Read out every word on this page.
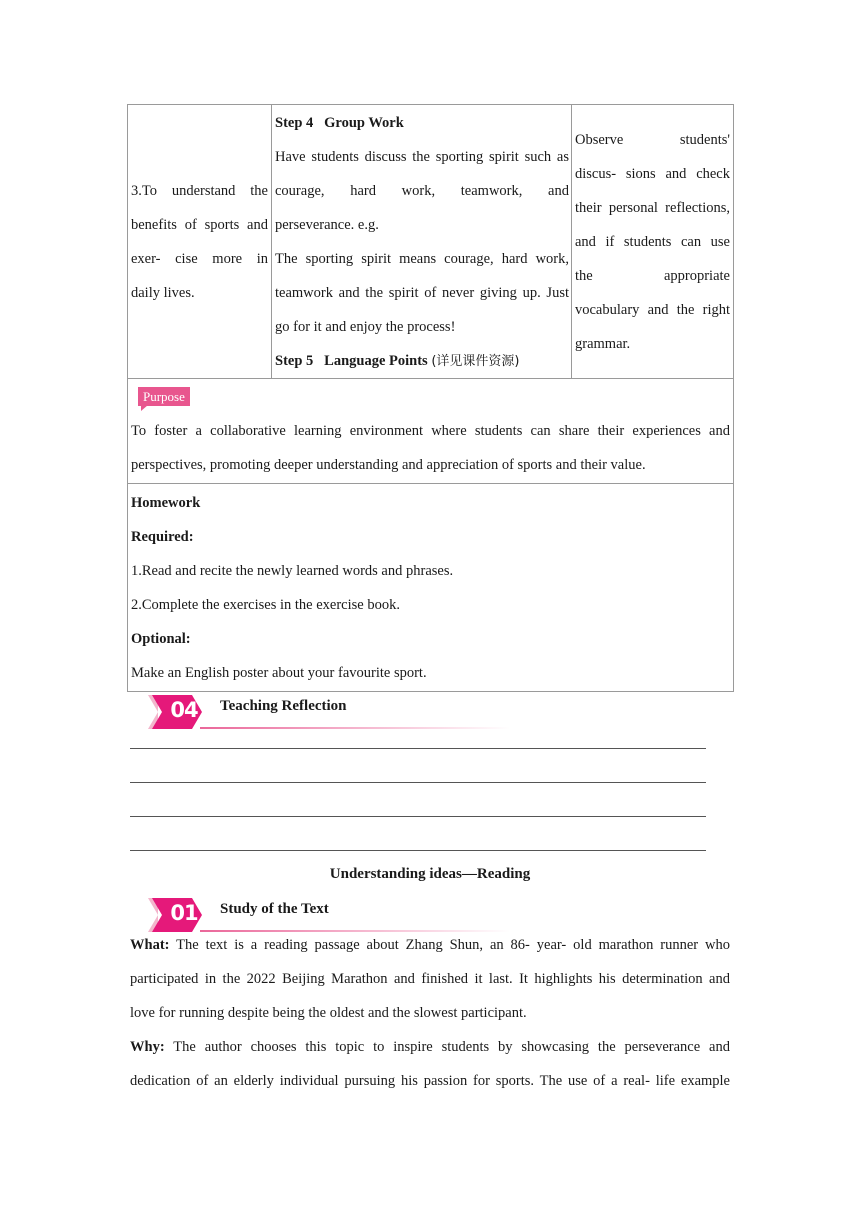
3.To understand the
benefits of sports and
exer- cise more in
daily lives.
Step 4 Group Work
Have students discuss the sporting spirit such as
courage, hard work, teamwork, and
perseverance. e.g.
The sporting spirit means courage, hard work,
teamwork and the spirit of never giving up. Just
go for it and enjoy the process!
Step 5 Language Points (详见课件资源)
Observe students'
discus- sions and check
their personal reflections,
and if students can use
the appropriate
vocabulary and the right
grammar.
Purpose
To foster a collaborative learning environment where students can share their experiences and
perspectives, promoting deeper understanding and appreciation of sports and their value.
Homework
Required:
1.Read and recite the newly learned words and phrases.
2.Complete the exercises in the exercise book.
Optional:
Make an English poster about your favourite sport.
04	Teaching Reflection
Understanding ideas—Reading
01	Study of the Text
What: The text is a reading passage about Zhang Shun, an 86- year- old marathon runner who
participated in the 2022 Beijing Marathon and finished it last. It highlights his determination and
love for running despite being the oldest and the slowest participant.
Why: The author chooses this topic to inspire students by showcasing the perseverance and
dedication of an elderly individual pursuing his passion for sports. The use of a real- life example
